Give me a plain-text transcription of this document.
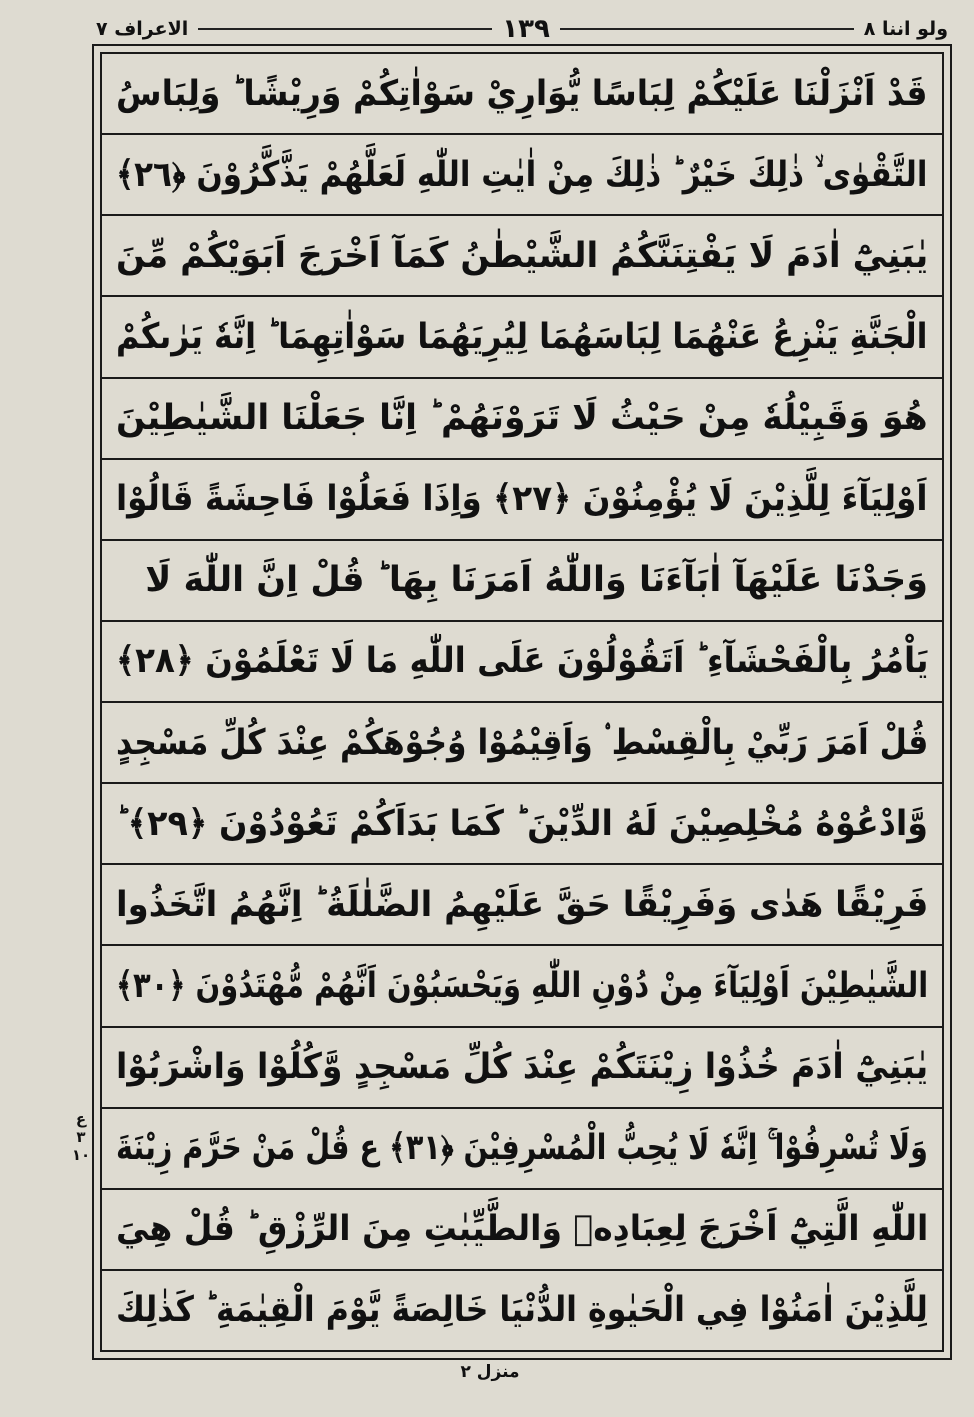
الاعراف ٧	١٣٩	ولو اننا ٨
ع
٣
١٠
قَدْ اَنْزَلْنَا عَلَيْكُمْ لِبَاسًا يُّوَارِيْ سَوْاٰتِكُمْ وَرِيْشًا ؕ وَلِبَاسُ
التَّقْوٰى ۙ ذٰلِكَ خَيْرٌ ؕ ذٰلِكَ مِنْ اٰيٰتِ اللّٰهِ لَعَلَّهُمْ يَذَّكَّرُوْنَ ﴿٢٦﴾
يٰبَنِيْٓ اٰدَمَ لَا يَفْتِنَنَّكُمُ الشَّيْطٰنُ كَمَآ اَخْرَجَ اَبَوَيْكُمْ مِّنَ
الْجَنَّةِ يَنْزِعُ عَنْهُمَا لِبَاسَهُمَا لِيُرِيَهُمَا سَوْاٰتِهِمَا ؕ اِنَّهٗ يَرٰىكُمْ
هُوَ وَقَبِيْلُهٗ مِنْ حَيْثُ لَا تَرَوْنَهُمْ ؕ اِنَّا جَعَلْنَا الشَّيٰطِيْنَ
اَوْلِيَآءَ لِلَّذِيْنَ لَا يُؤْمِنُوْنَ ﴿٢٧﴾ وَاِذَا فَعَلُوْا فَاحِشَةً قَالُوْا
وَجَدْنَا عَلَيْهَآ اٰبَآءَنَا وَاللّٰهُ اَمَرَنَا بِهَا ؕ قُلْ اِنَّ اللّٰهَ لَا
يَاْمُرُ بِالْفَحْشَآءِ ؕ اَتَقُوْلُوْنَ عَلَى اللّٰهِ مَا لَا تَعْلَمُوْنَ ﴿٢٨﴾
قُلْ اَمَرَ رَبِّيْ بِالْقِسْطِ ۟ وَاَقِيْمُوْا وُجُوْهَكُمْ عِنْدَ كُلِّ مَسْجِدٍ
وَّادْعُوْهُ مُخْلِصِيْنَ لَهُ الدِّيْنَ ؕ كَمَا بَدَاَكُمْ تَعُوْدُوْنَ ﴿٢٩﴾ ؕ
فَرِيْقًا هَدٰى وَفَرِيْقًا حَقَّ عَلَيْهِمُ الضَّلٰلَةُ ؕ اِنَّهُمُ اتَّخَذُوا
الشَّيٰطِيْنَ اَوْلِيَآءَ مِنْ دُوْنِ اللّٰهِ وَيَحْسَبُوْنَ اَنَّهُمْ مُّهْتَدُوْنَ ﴿٣٠﴾
يٰبَنِيْٓ اٰدَمَ خُذُوْا زِيْنَتَكُمْ عِنْدَ كُلِّ مَسْجِدٍ وَّكُلُوْا وَاشْرَبُوْا
وَلَا تُسْرِفُوْا ۚ اِنَّهٗ لَا يُحِبُّ الْمُسْرِفِيْنَ ﴿٣١﴾ ع قُلْ مَنْ حَرَّمَ زِيْنَةَ
اللّٰهِ الَّتِيْٓ اَخْرَجَ لِعِبَادِهٖ وَالطَّيِّبٰتِ مِنَ الرِّزْقِ ؕ قُلْ هِيَ
لِلَّذِيْنَ اٰمَنُوْا فِي الْحَيٰوةِ الدُّنْيَا خَالِصَةً يَّوْمَ الْقِيٰمَةِ ؕ كَذٰلِكَ
منزل ٢
